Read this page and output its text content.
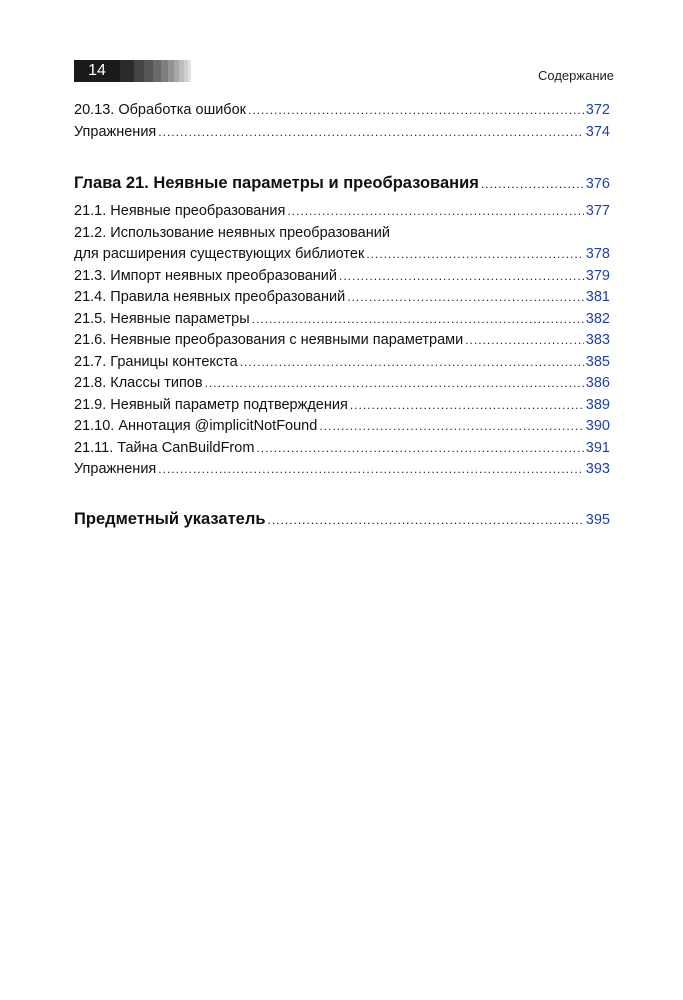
14	Содержание
20.13. Обработка ошибок .....	372
Упражнения .....	374
Глава 21. Неявные параметры и преобразования .....	376
21.1. Неявные преобразования .....	377
21.2. Использование неявных преобразований
для расширения существующих библиотек .....	378
21.3. Импорт неявных преобразований .....	379
21.4. Правила неявных преобразований .....	381
21.5. Неявные параметры .....	382
21.6. Неявные преобразования с неявными параметрами .....	383
21.7. Границы контекста .....	385
21.8. Классы типов .....	386
21.9. Неявный параметр подтверждения .....	389
21.10. Аннотация @implicitNotFound .....	390
21.11. Тайна CanBuildFrom .....	391
Упражнения .....	393
Предметный указатель .....	395
